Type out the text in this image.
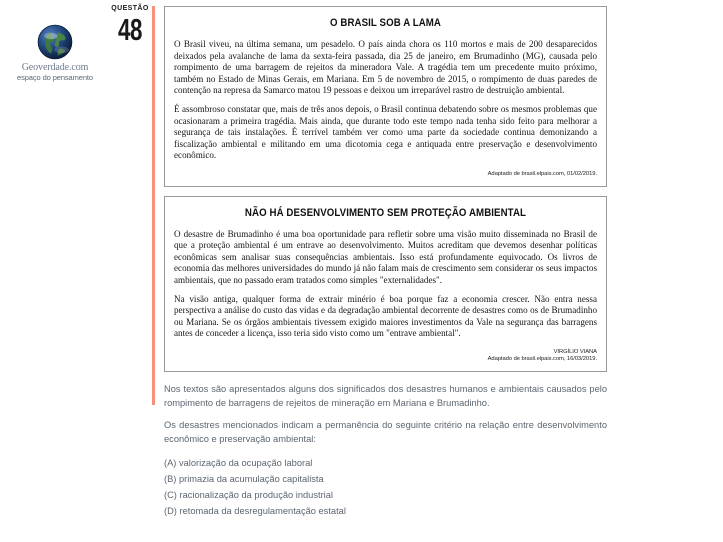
Geoverdade.com
espaço do pensamento
QUESTÃO
48	O BRASIL SOB A LAMA

O Brasil viveu, na última semana, um pesadelo. O país ainda chora os 110 mortos e mais de 200 desaparecidos deixados pela avalanche de lama da sexta-feira passada, dia 25 de janeiro, em Brumadinho (MG), causada pelo rompimento de uma barragem de rejeitos da mineradora Vale. A tragédia tem um precedente muito próximo, também no Estado de Minas Gerais, em Mariana. Em 5 de novembro de 2015, o rompimento de duas paredes de contenção na represa da Samarco matou 19 pessoas e deixou um irreparável rastro de destruição ambiental.

É assombroso constatar que, mais de três anos depois, o Brasil continua debatendo sobre os mesmos problemas que ocasionaram a primeira tragédia. Mais ainda, que durante todo este tempo nada tenha sido feito para melhorar a segurança de tais instalações. É terrível também ver como uma parte da sociedade continua demonizando a fiscalização ambiental e militando em uma dicotomia cega e antiquada entre preservação e desenvolvimento econômico.

Adaptado de brasil.elpais.com, 01/02/2019.
NÃO HÁ DESENVOLVIMENTO SEM PROTEÇÃO AMBIENTAL

O desastre de Brumadinho é uma boa oportunidade para refletir sobre uma visão muito disseminada no Brasil de que a proteção ambiental é um entrave ao desenvolvimento. Muitos acreditam que devemos desenhar políticas econômicas sem analisar suas consequências ambientais. Isso está profundamente equivocado. Os livros de economia das melhores universidades do mundo já não falam mais de crescimento sem considerar os seus impactos ambientais, que no passado eram tratados como simples "externalidades".

Na visão antiga, qualquer forma de extrair minério é boa porque faz a economia crescer. Não entra nessa perspectiva a análise do custo das vidas e da degradação ambiental decorrente de desastres como os de Brumadinho ou Mariana. Se os órgãos ambientais tivessem exigido maiores investimentos da Vale na segurança das barragens antes de conceder a licença, isso teria sido visto como um "entrave ambiental".

VIRGÍLIO VIANA
Adaptado de brasil.elpais.com, 16/03/2019.

Nos textos são apresentados alguns dos significados dos desastres humanos e ambientais causados pelo rompimento de barragens de rejeitos de mineração em Mariana e Brumadinho.

Os desastres mencionados indicam a permanência do seguinte critério na relação entre desenvolvimento econômico e preservação ambiental:

(A) valorização da ocupação laboral
(B) primazia da acumulação capitalista
(C) racionalização da produção industrial
(D) retomada da desregulamentação estatal
